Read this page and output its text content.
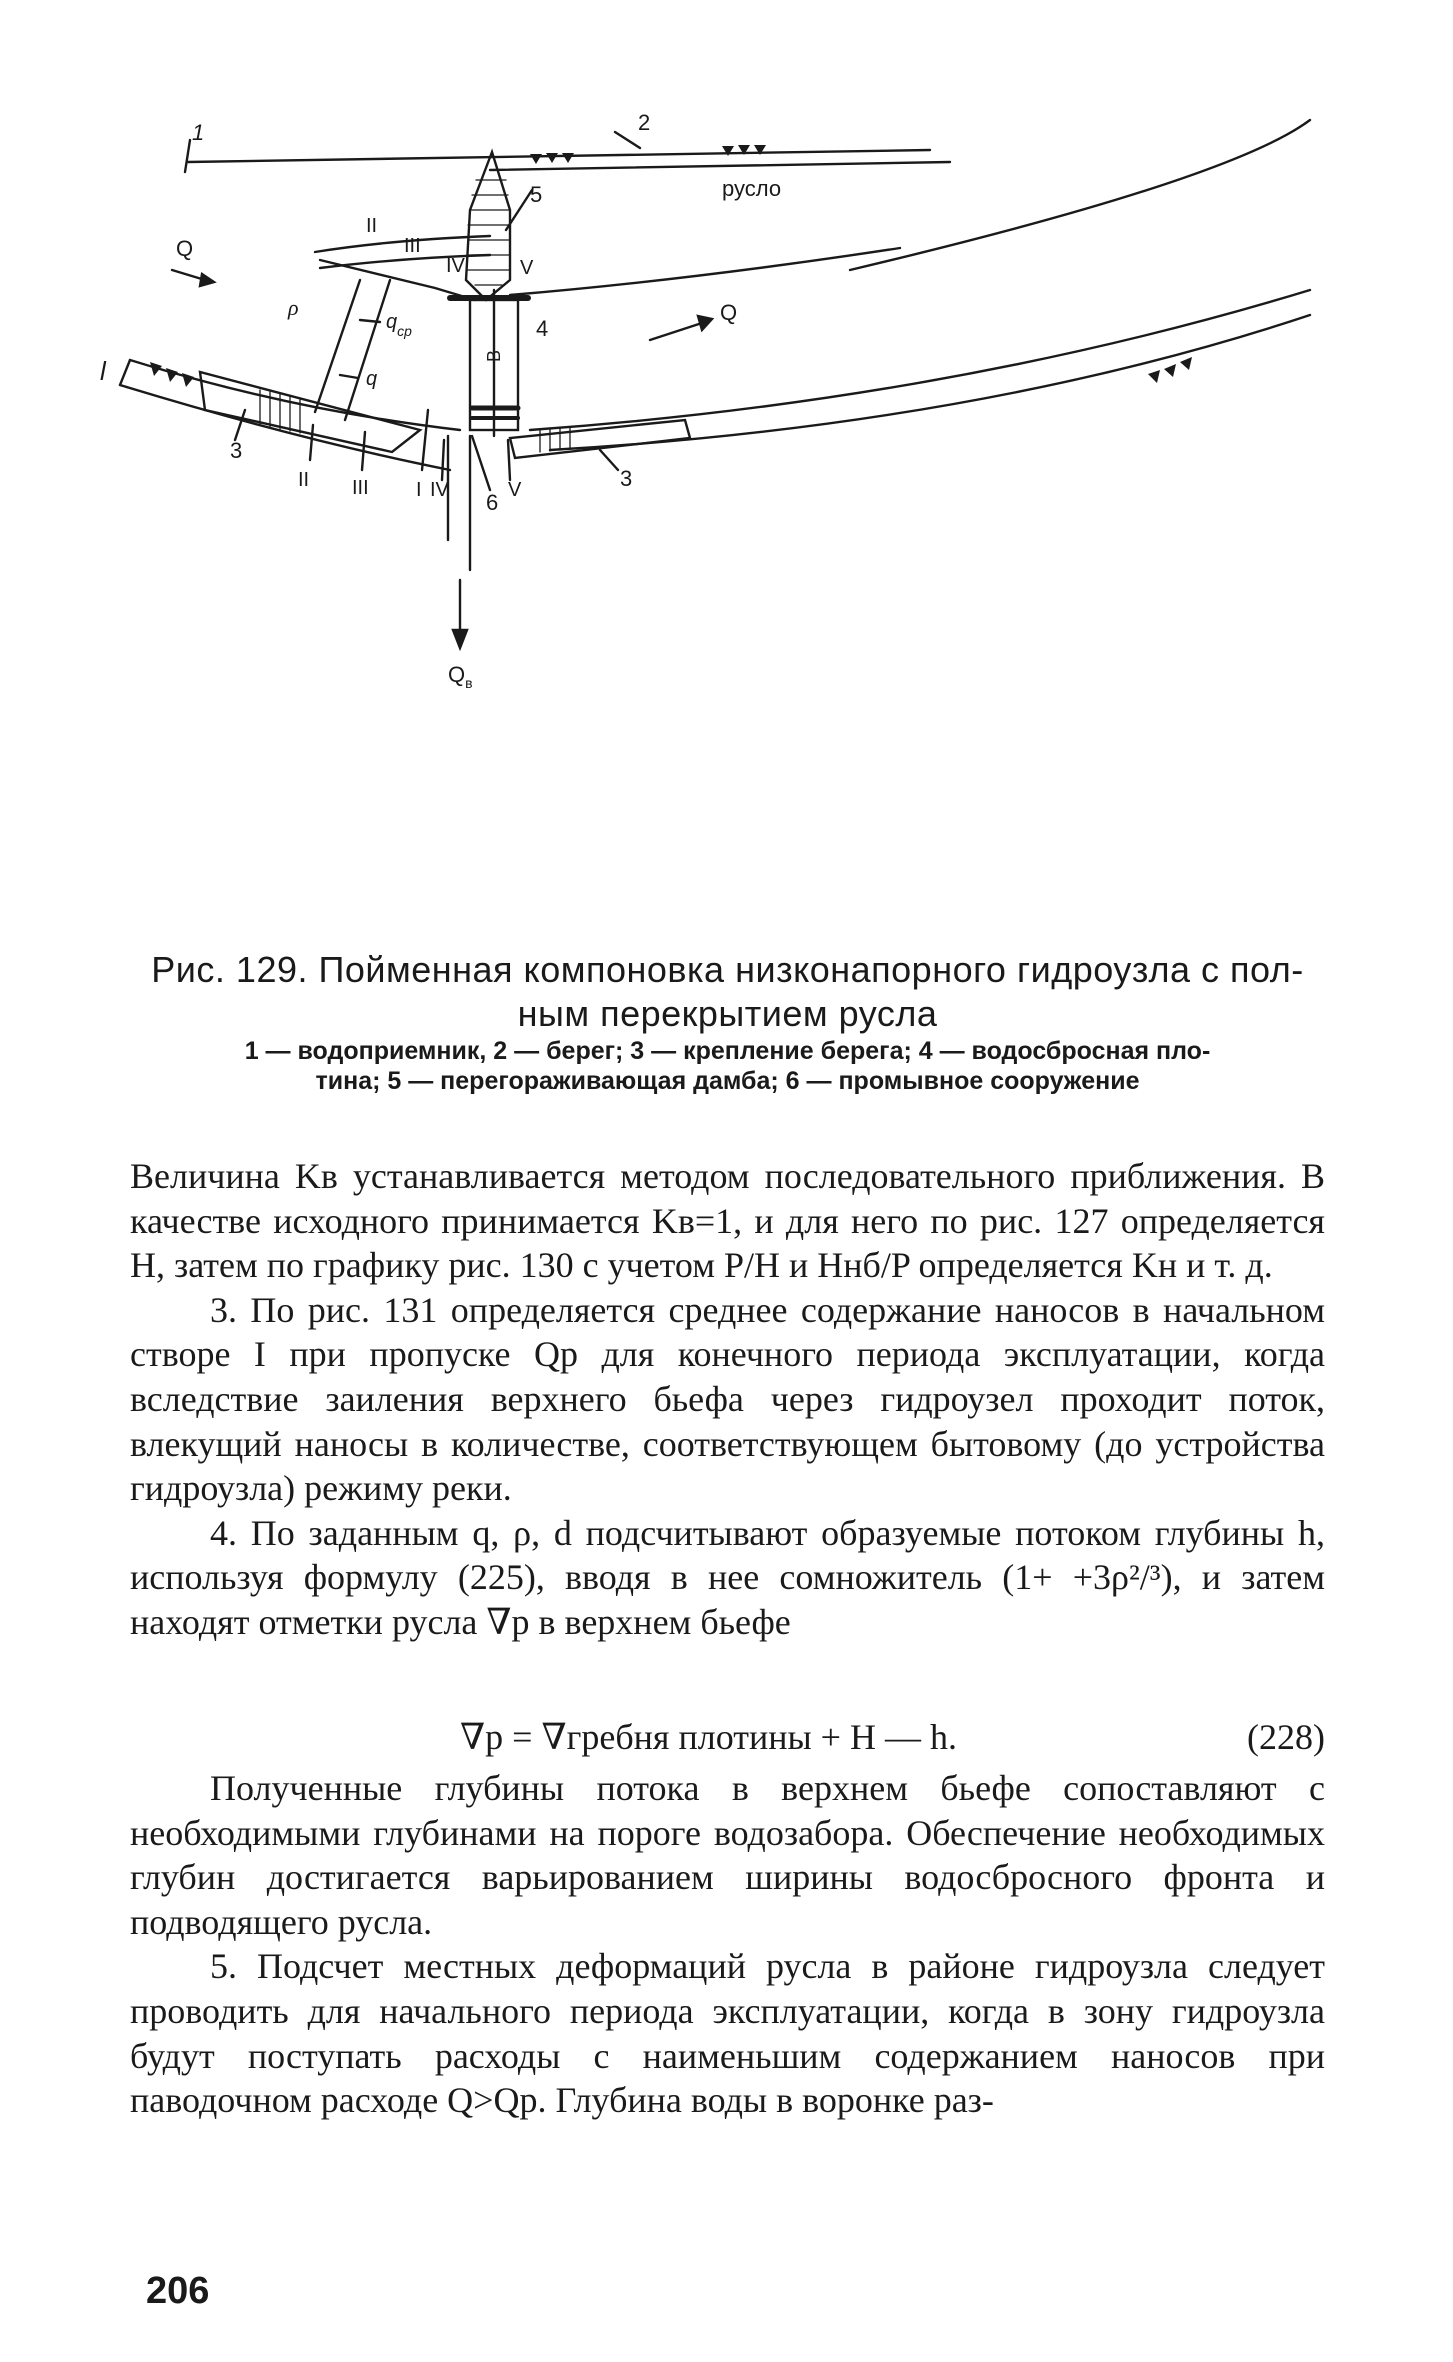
1	2
русло
5
Q
Q
ρ
$q_{ср}$
q
4
В
II
III
IV	V
l
3
3
II III I IV 6 V
$Q_в$
Рис. 129. Пойменная компоновка низконапорного гидроузла с пол-
ным перекрытием русла
1 — водоприемник, 2 — берег; 3 — крепление берега; 4 — водосбросная пло-
тина; 5 — перегораживающая дамба; 6 — промывное сооружение

Величина Kв устанавливается методом последовательного приближения. В качестве исходного принимается Kв=1, и для него по рис. 127 определяется H, затем по графику рис. 130 с учетом P/H и Hнб/P определяется Kн и т. д.

3. По рис. 131 определяется среднее содержание наносов в начальном створе I при пропуске Qр для конечного периода эксплуатации, когда вследствие заиления верхнего бьефа через гидроузел проходит поток, влекущий наносы в количестве, соответствующем бытовому (до устройства гидроузла) режиму реки.

4. По заданным q, ρ, d подсчитывают образуемые потоком глубины h, используя формулу (225), вводя в нее сомножитель (1+ +3ρ²/³), и затем находят отметки русла ∇р в верхнем бьефе

∇р = ∇гребня плотины + H — h.	(228)

Полученные глубины потока в верхнем бьефе сопоставляют с необходимыми глубинами на пороге водозабора. Обеспечение необходимых глубин достигается варьированием ширины водосбросного фронта и подводящего русла.

5. Подсчет местных деформаций русла в районе гидроузла следует проводить для начального периода эксплуатации, когда в зону гидроузла будут поступать расходы с наименьшим содержанием наносов при паводочном расходе Q>Qр. Глубина воды в воронке раз-

206
